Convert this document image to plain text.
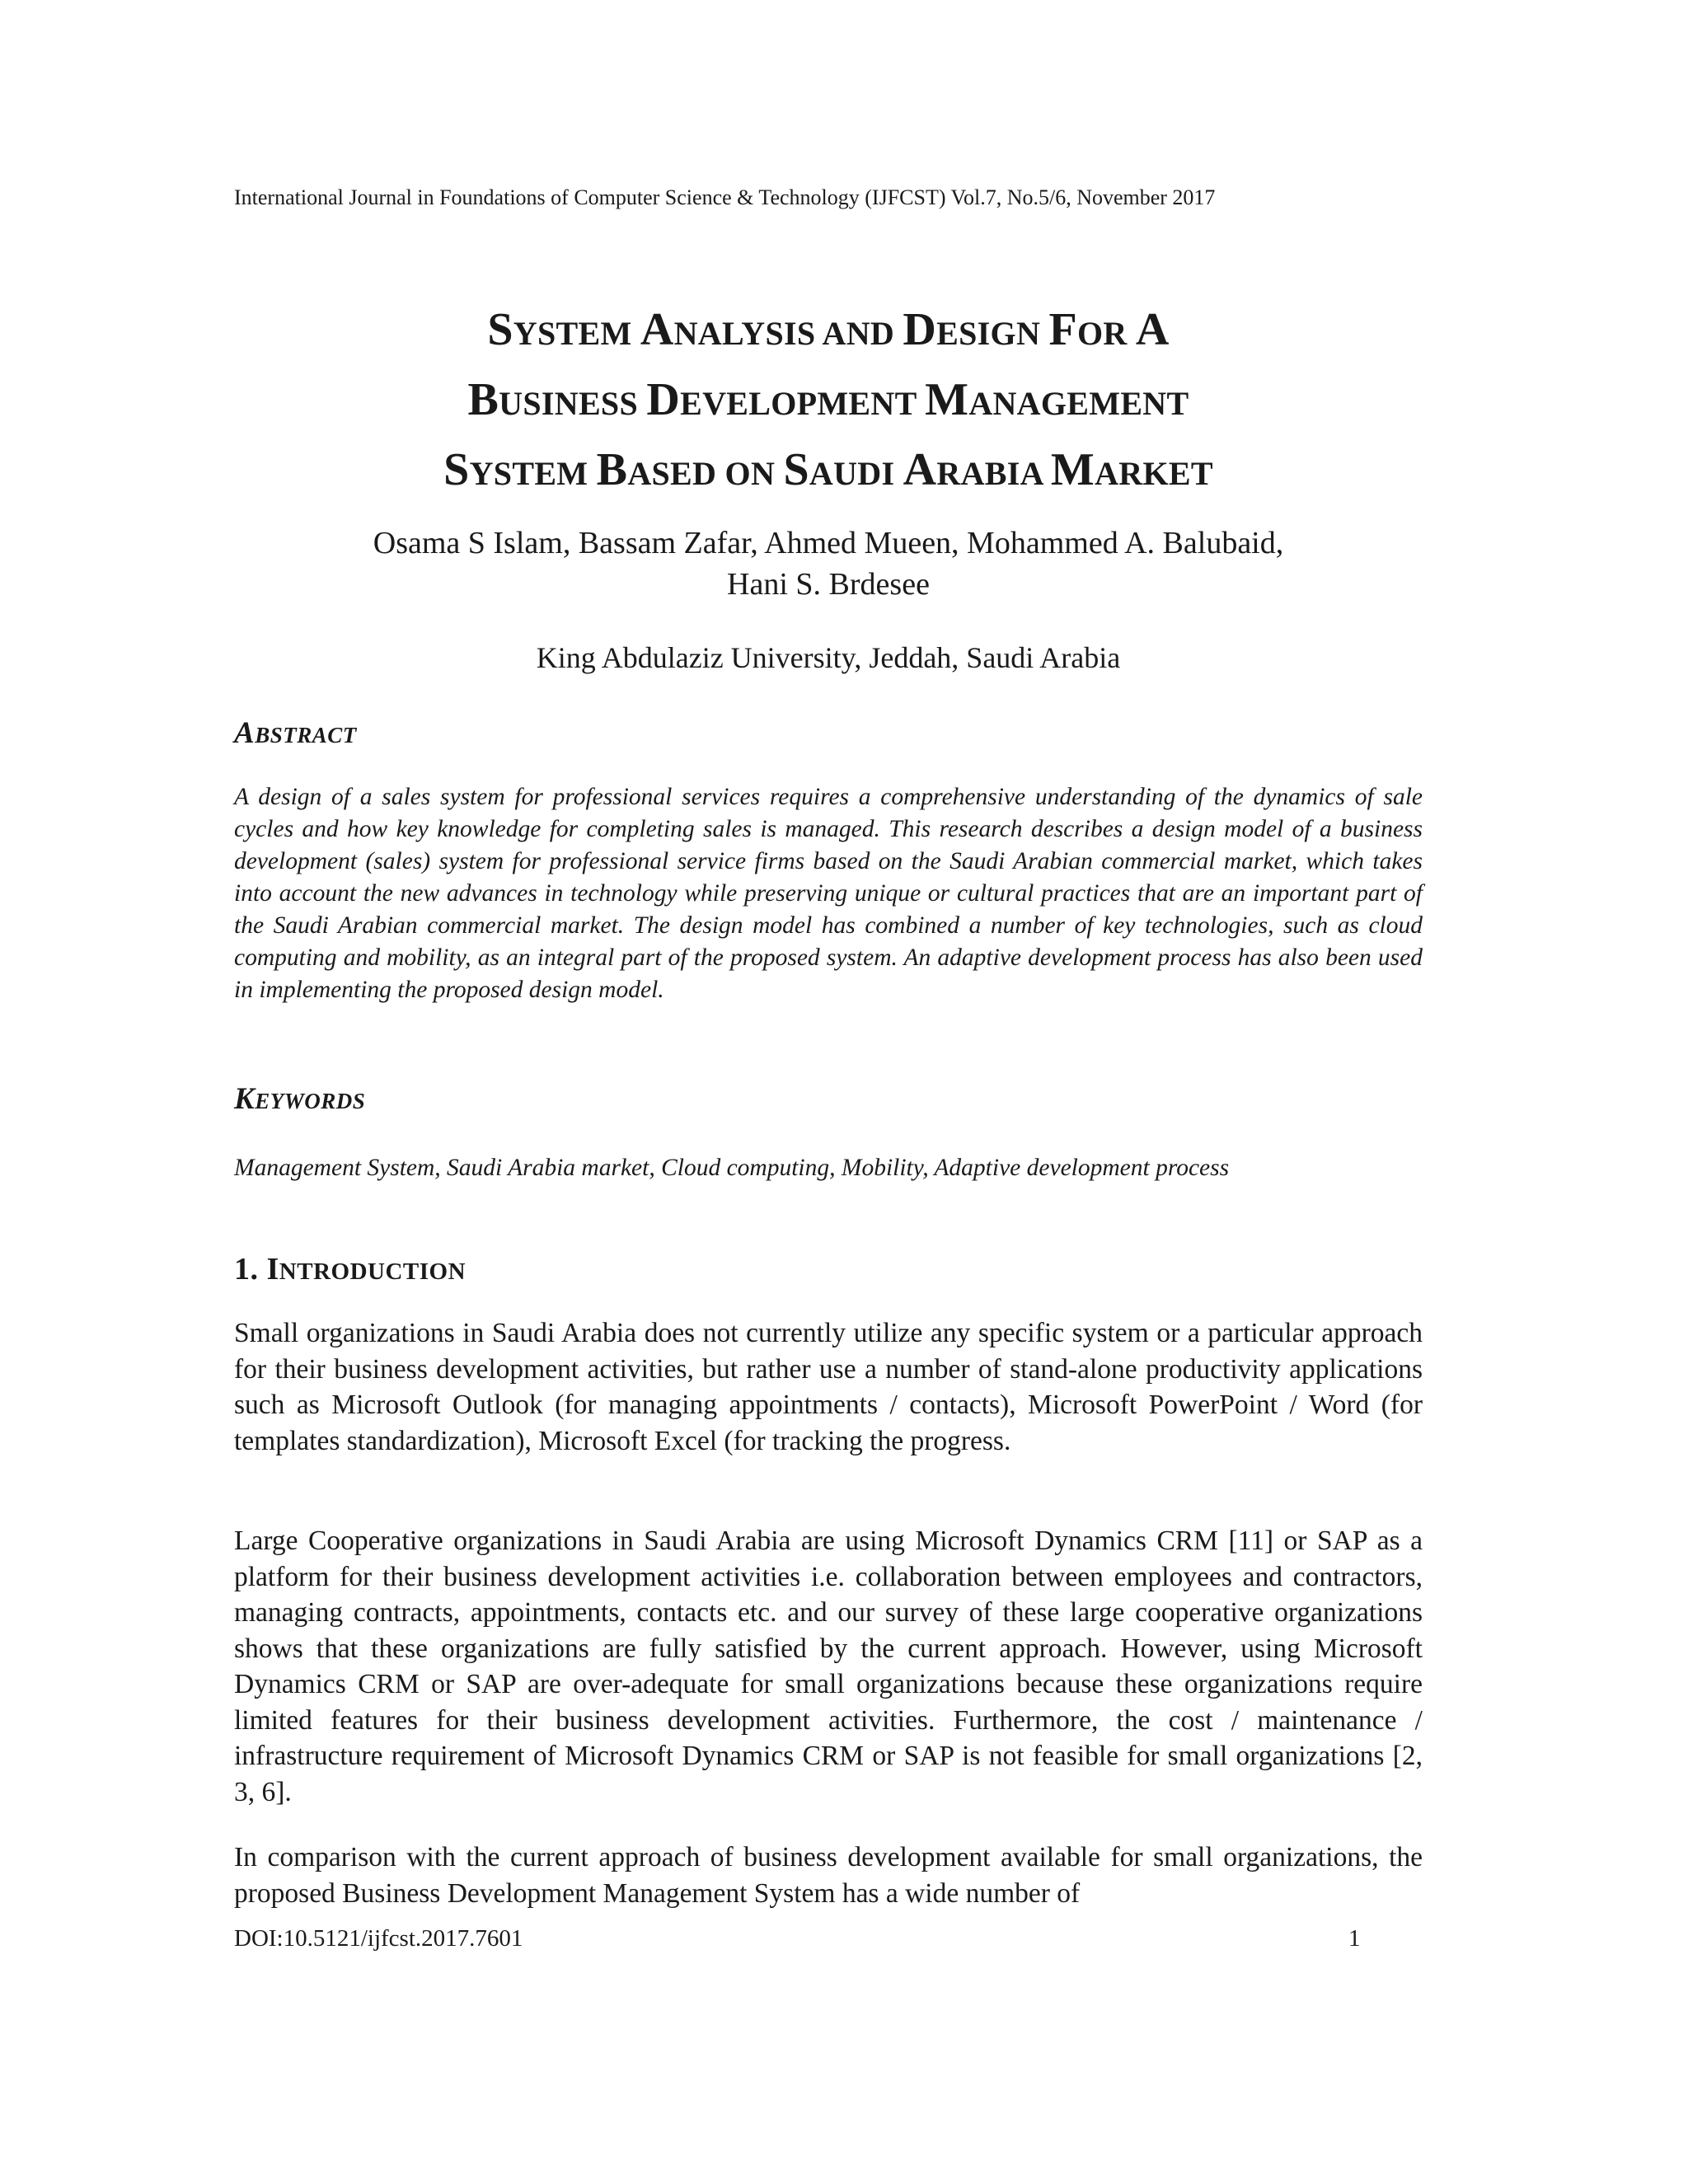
International Journal in Foundations of Computer Science & Technology (IJFCST) Vol.7, No.5/6, November 2017
SYSTEM ANALYSIS AND DESIGN FOR A
BUSINESS DEVELOPMENT MANAGEMENT
SYSTEM BASED ON SAUDI ARABIA MARKET
Osama S Islam, Bassam Zafar, Ahmed Mueen, Mohammed A. Balubaid,
Hani S. Brdesee
King Abdulaziz University, Jeddah, Saudi Arabia
ABSTRACT
A design of a sales system for professional services requires a comprehensive understanding of the dynamics of sale cycles and how key knowledge for completing sales is managed. This research describes a design model of a business development (sales) system for professional service firms based on the Saudi Arabian commercial market, which takes into account the new advances in technology while preserving unique or cultural practices that are an important part of the Saudi Arabian commercial market. The design model has combined a number of key technologies, such as cloud computing and mobility, as an integral part of the proposed system. An adaptive development process has also been used in implementing the proposed design model.
KEYWORDS
Management System, Saudi Arabia market, Cloud computing, Mobility, Adaptive development process
1. INTRODUCTION
Small organizations in Saudi Arabia does not currently utilize any specific system or a particular approach for their business development activities, but rather use a number of stand-alone productivity applications such as Microsoft Outlook (for managing appointments / contacts), Microsoft PowerPoint / Word (for templates standardization), Microsoft Excel (for tracking the progress.
Large Cooperative organizations in Saudi Arabia are using Microsoft Dynamics CRM [11] or SAP as a platform for their business development activities i.e. collaboration between employees and contractors, managing contracts, appointments, contacts etc. and our survey of these large cooperative organizations shows that these organizations are fully satisfied by the current approach. However, using Microsoft Dynamics CRM or SAP are over-adequate for small organizations because these organizations require limited features for their business development activities. Furthermore, the cost / maintenance / infrastructure requirement of Microsoft Dynamics CRM or SAP is not feasible for small organizations [2, 3, 6].
In comparison with the current approach of business development available for small organizations, the proposed Business Development Management System has a wide number of
DOI:10.5121/ijfcst.2017.7601	1
